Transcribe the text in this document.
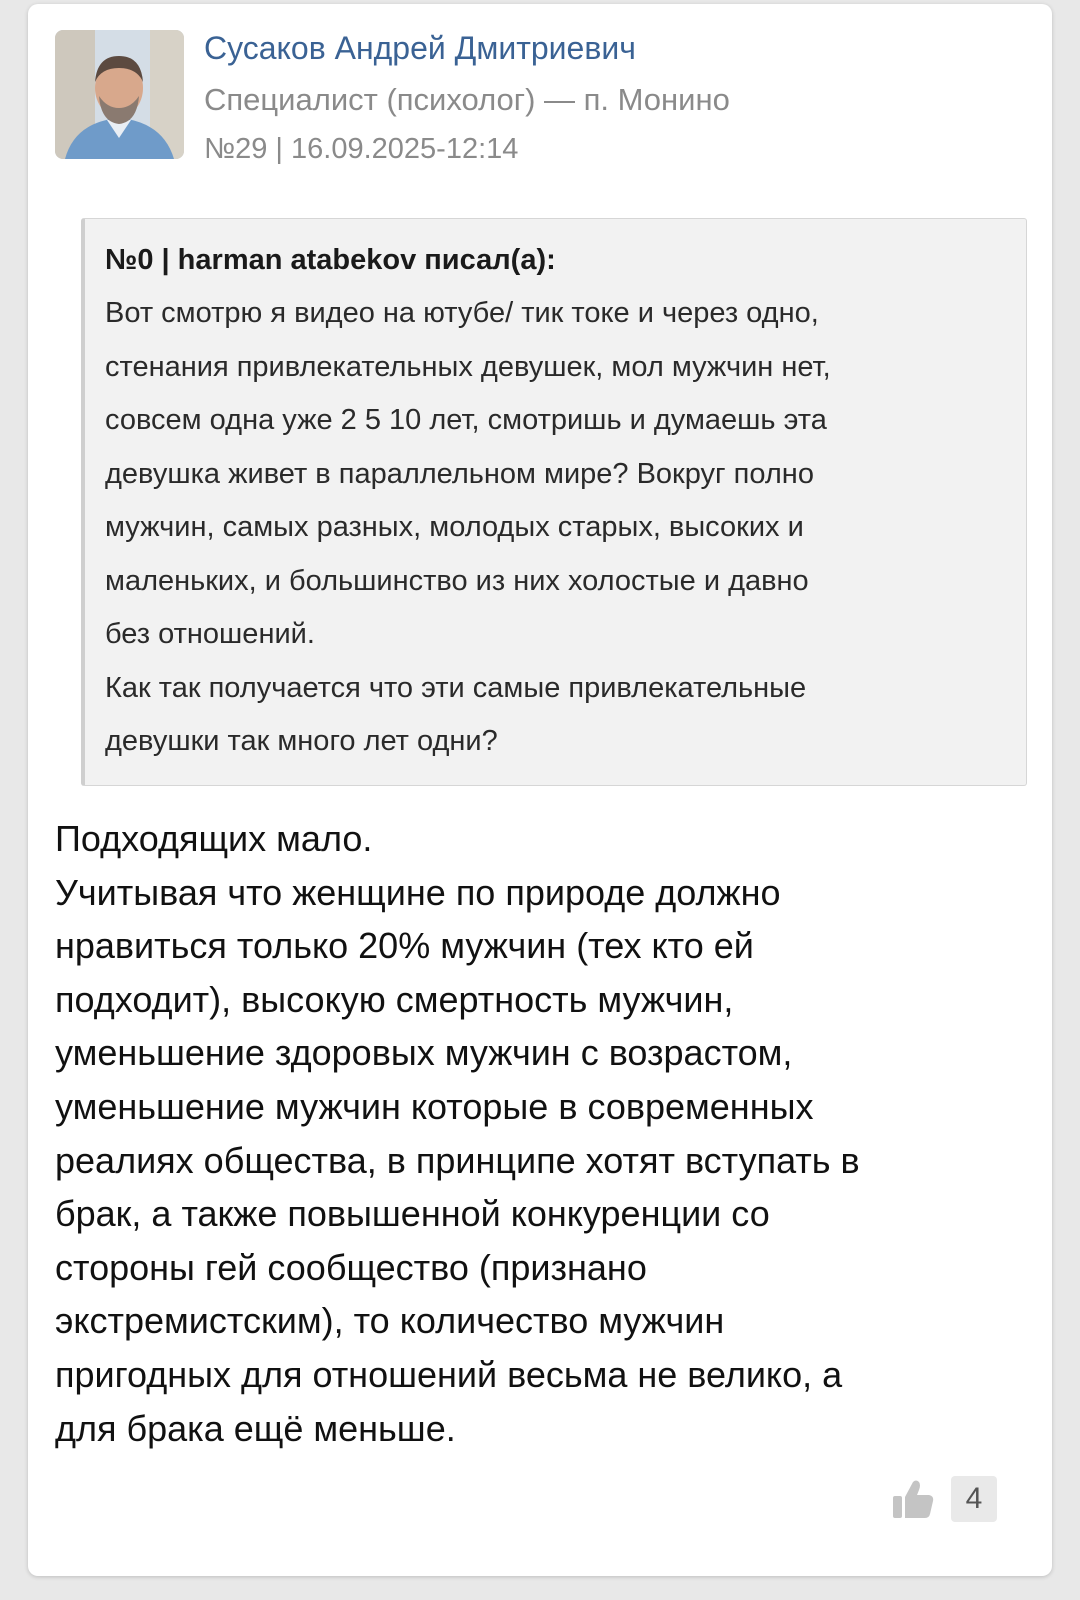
Сусаков Андрей Дмитриевич
Специалист (психолог) — п. Монино
№29 | 16.09.2025-12:14
№0 | harman atabekov писал(а):
Вот смотрю я видео на ютубе/ тик токе и через одно,
стенания привлекательных девушек, мол мужчин нет,
совсем одна уже 2 5 10 лет, смотришь и думаешь эта
девушка живет в параллельном мире? Вокруг полно
мужчин, самых разных, молодых старых, высоких и
маленьких, и большинство из них холостые и давно
без отношений.
Как так получается что эти самые привлекательные
девушки так много лет одни?
Подходящих мало.
Учитывая что женщине по природе должно
нравиться только 20% мужчин (тех кто ей
подходит), высокую смертность мужчин,
уменьшение здоровых мужчин с возрастом,
уменьшение мужчин которые в современных
реалиях общества, в принципе хотят вступать в
брак, а также повышенной конкуренции со
стороны гей сообщество (признано
экстремистским), то количество мужчин
пригодных для отношений весьма не велико, а
для брака ещё меньше.
4
